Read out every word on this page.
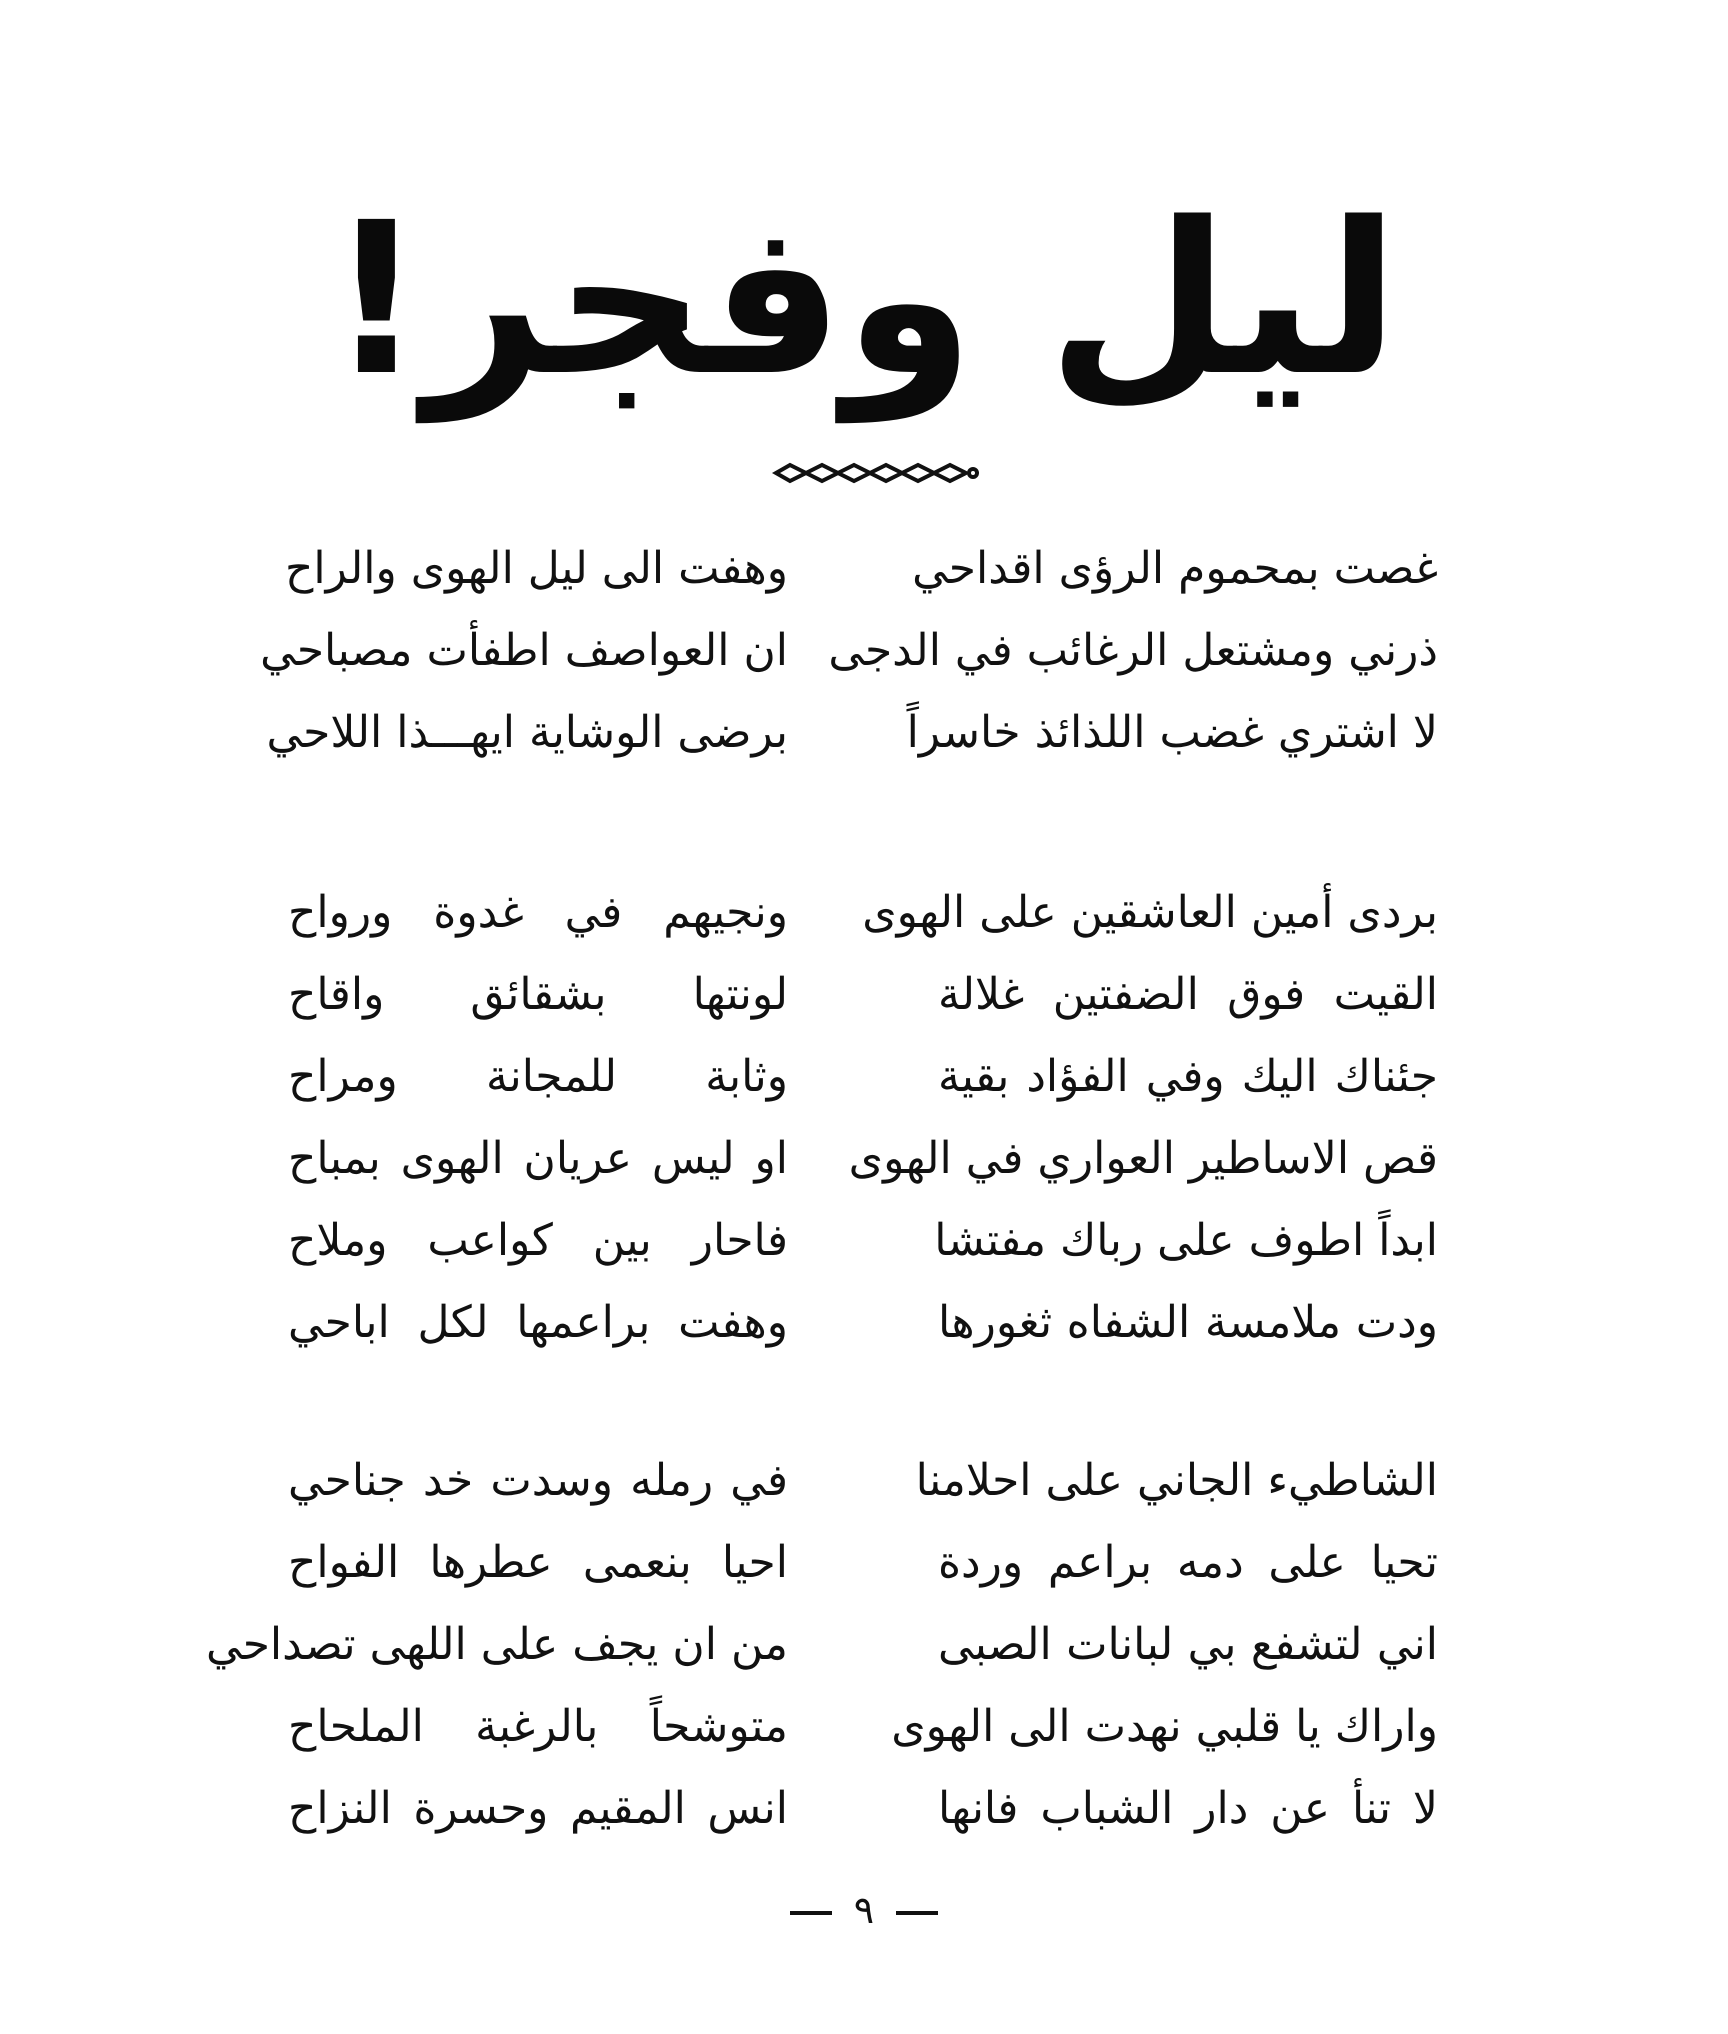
ليل وفجر!
غصت بمحموم الرؤى اقداحي
وهفت الى ليل الهوى والراح
ذرني ومشتعل الرغائب في الدجى
ان العواصف اطفأت مصباحي
لا اشتري غضب اللذائذ خاسراً
برضى الوشاية ايهـــذا اللاحي
بردى أمين العاشقين على الهوى
ونجيهم في غدوة ورواح
القيت فوق الضفتين غلالة
لونتها بشقائق واقاح
جئناك اليك وفي الفؤاد بقية
وثابة للمجانة ومراح
قص الاساطير العواري في الهوى
او ليس عريان الهوى بمباح
ابداً اطوف على رباك مفتشا
فاحار بين كواعب وملاح
ودت ملامسة الشفاه ثغورها
وهفت براعمها لكل اباحي
الشاطيء الجاني على احلامنا
في رمله وسدت خد جناحي
تحيا على دمه براعم وردة
احيا بنعمى عطرها الفواح
اني لتشفع بي لبانات الصبى
من ان يجف على اللهى تصداحي
واراك يا قلبي نهدت الى الهوى
متوشحاً بالرغبة الملحاح
لا تنأ عن دار الشباب فانها
انس المقيم وحسرة النزاح
٩
